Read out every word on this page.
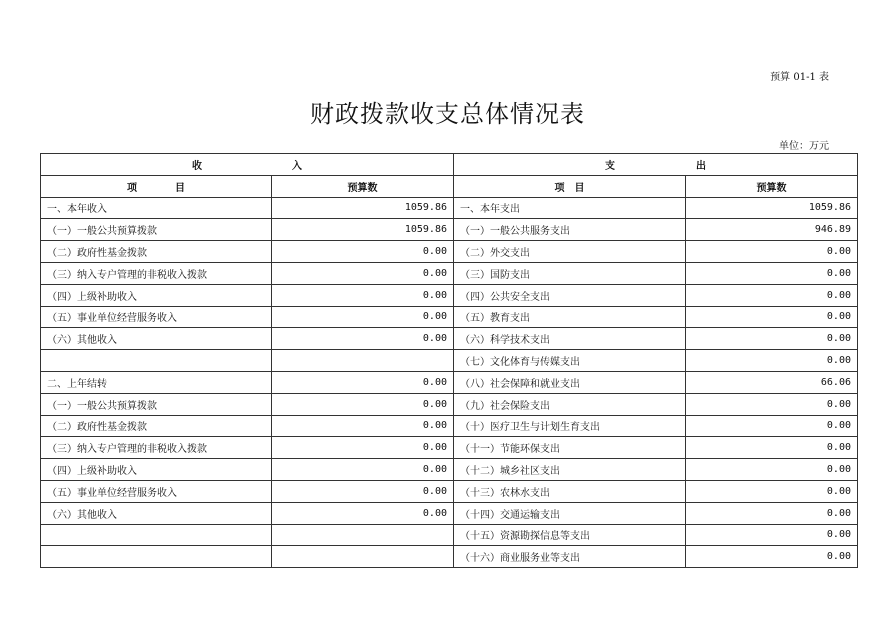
预算 01-1 表
财政拨款收支总体情况表
单位：万元
收 入		支 出	

项 目	预算数	项　目	预算数
一、本年收入	1059.86	一、本年支出	1059.86
（一）一般公共预算拨款	1059.86	（一）一般公共服务支出	946.89
（二）政府性基金拨款	0.00	（二）外交支出	0.00
（三）纳入专户管理的非税收入拨款	0.00	（三）国防支出	0.00
（四）上级补助收入	0.00	（四）公共安全支出	0.00
（五）事业单位经营服务收入	0.00	（五）教育支出	0.00
（六）其他收入	0.00	（六）科学技术支出	0.00
		（七）文化体育与传媒支出	0.00
二、上年结转	0.00	（八）社会保障和就业支出	66.06
（一）一般公共预算拨款	0.00	（九）社会保险支出	0.00
（二）政府性基金拨款	0.00	（十）医疗卫生与计划生育支出	0.00
（三）纳入专户管理的非税收入拨款	0.00	（十一）节能环保支出	0.00
（四）上级补助收入	0.00	（十二）城乡社区支出	0.00
（五）事业单位经营服务收入	0.00	（十三）农林水支出	0.00
（六）其他收入	0.00	（十四）交通运输支出	0.00
		（十五）资源勘探信息等支出	0.00
		（十六）商业服务业等支出	0.00
